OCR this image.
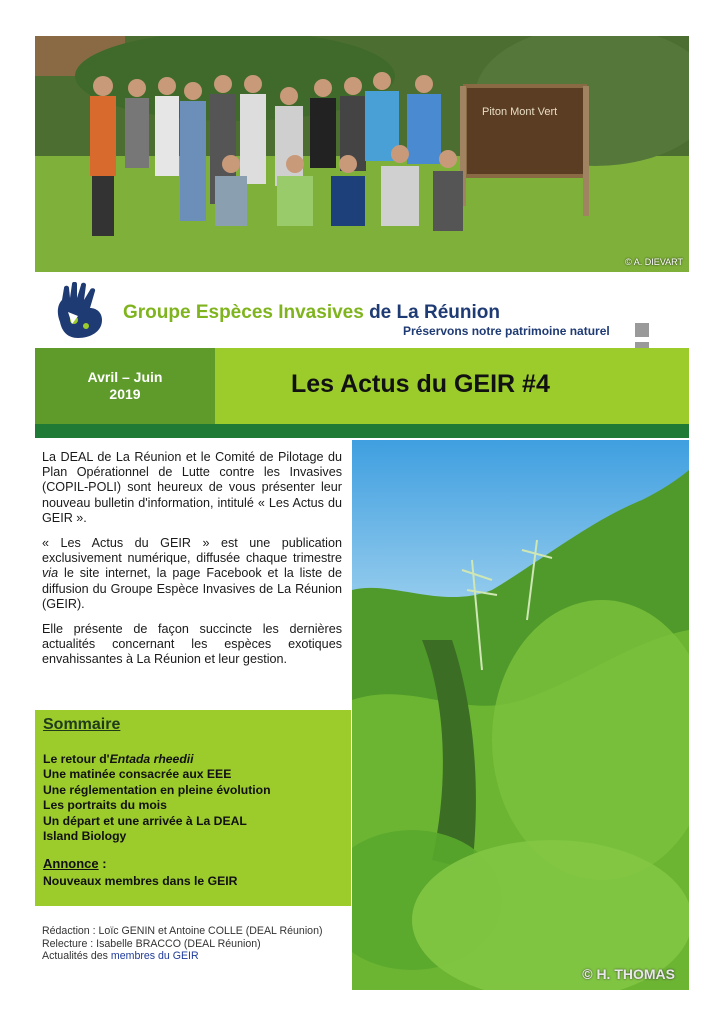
Piton Mont Vert
© A. DIEVART
Groupe Espèces Invasives de La Réunion
Préservons notre patrimoine naturel
Avril – Juin
2019	Les Actus du GEIR #4

La DEAL de La Réunion et le Comité de Pilotage du Plan Opérationnel de Lutte contre les Invasives (COPIL-POLI) sont heureux de vous présenter leur nouveau bulletin d'information, intitulé « Les Actus du GEIR ».

« Les Actus du GEIR » est une publication exclusivement numérique, diffusée chaque trimestre via le site internet, la page Facebook et la liste de diffusion du Groupe Espèce Invasives de La Réunion (GEIR).

Elle présente de façon succincte les dernières actualités concernant les espèces exotiques envahissantes à La Réunion et leur gestion.

Sommaire
Le retour d'Entada rheedii
Une matinée consacrée aux EEE
Une réglementation en pleine évolution
Les portraits du mois
Un départ et une arrivée à La DEAL
Island Biology
Annonce :
Nouveaux membres dans le GEIR
Rédaction : Loïc GENIN et Antoine COLLE (DEAL Réunion)
Relecture : Isabelle BRACCO (DEAL Réunion)
Actualités des membres du GEIR
© H. THOMAS
